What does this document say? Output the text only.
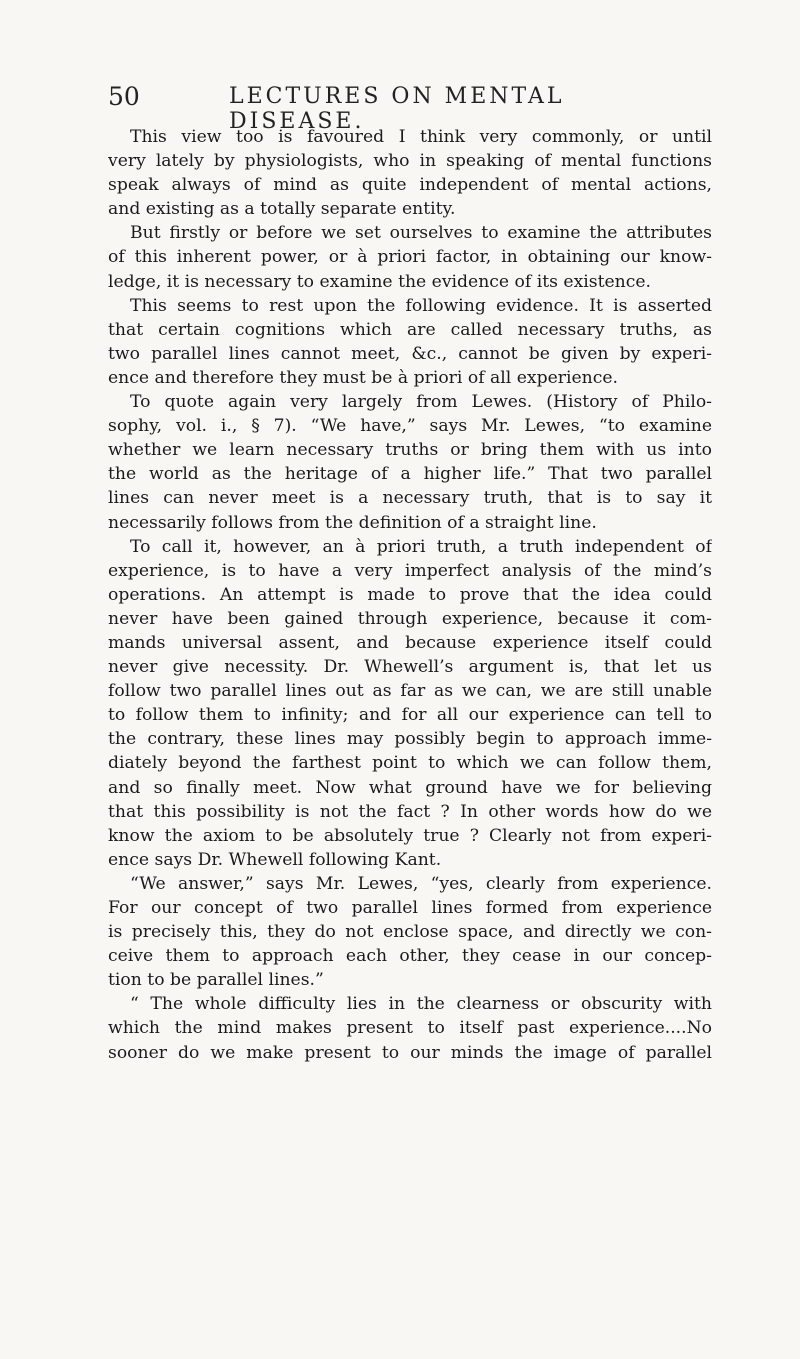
50	LECTURES ON MENTAL DISEASE.
This view too is favoured I think very commonly, or until
very lately by physiologists, who in speaking of mental functions
speak always of mind as quite independent of mental actions,
and existing as a totally separate entity.
But firstly or before we set ourselves to examine the attributes
of this inherent power, or à priori factor, in obtaining our know-
ledge, it is necessary to examine the evidence of its existence.
This seems to rest upon the following evidence. It is asserted
that certain cognitions which are called necessary truths, as
two parallel lines cannot meet, &c., cannot be given by experi-
ence and therefore they must be à priori of all experience.
To quote again very largely from Lewes. (History of Philo-
sophy, vol. i., § 7). “We have,” says Mr. Lewes, “to examine
whether we learn necessary truths or bring them with us into
the world as the heritage of a higher life.” That two parallel
lines can never meet is a necessary truth, that is to say it
necessarily follows from the definition of a straight line.
To call it, however, an à priori truth, a truth independent of
experience, is to have a very imperfect analysis of the mind’s
operations. An attempt is made to prove that the idea could
never have been gained through experience, because it com-
mands universal assent, and because experience itself could
never give necessity. Dr. Whewell’s argument is, that let us
follow two parallel lines out as far as we can, we are still unable
to follow them to infinity; and for all our experience can tell to
the contrary, these lines may possibly begin to approach imme-
diately beyond the farthest point to which we can follow them,
and so finally meet. Now what ground have we for believing
that this possibility is not the fact ? In other words how do we
know the axiom to be absolutely true ? Clearly not from experi-
ence says Dr. Whewell following Kant.
“We answer,” says Mr. Lewes, “yes, clearly from experience.
For our concept of two parallel lines formed from experience
is precisely this, they do not enclose space, and directly we con-
ceive them to approach each other, they cease in our concep-
tion to be parallel lines.”
“ The whole difficulty lies in the clearness or obscurity with
which the mind makes present to itself past experience....No
sooner do we make present to our minds the image of parallel
